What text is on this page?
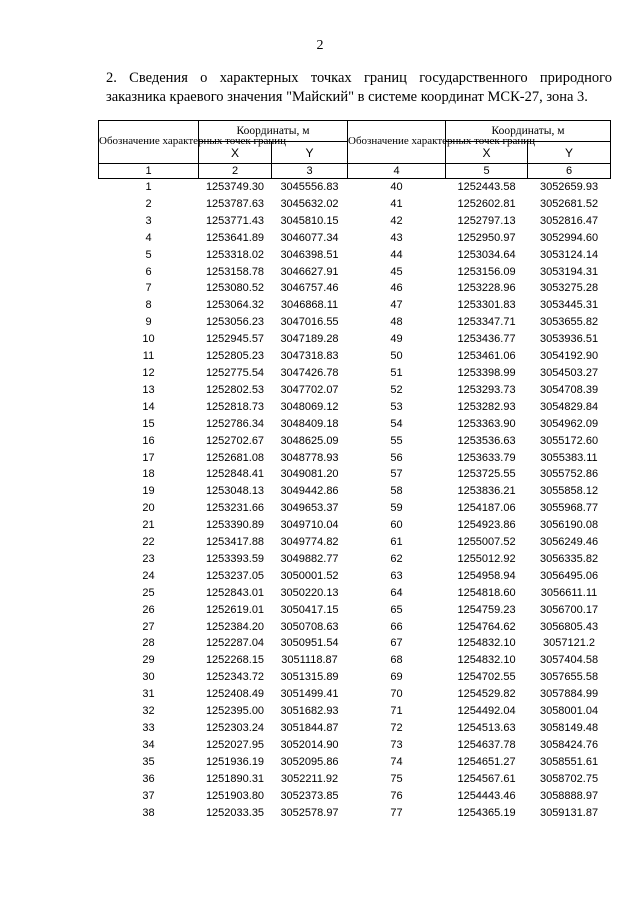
2
2. Сведения о характерных точках границ государственного природного заказника краевого значения "Майский" в системе координат МСК-27, зона 3.
Обозначение характерных точек границ	Координаты, м		Обозначение характерных точек границ	Координаты, м	
	X	Y		X	Y
1	2	3	4	5	6
1	1253749.30	3045556.83	40	1252443.58	3052659.93
2	1253787.63	3045632.02	41	1252602.81	3052681.52
3	1253771.43	3045810.15	42	1252797.13	3052816.47
4	1253641.89	3046077.34	43	1252950.97	3052994.60
5	1253318.02	3046398.51	44	1253034.64	3053124.14
6	1253158.78	3046627.91	45	1253156.09	3053194.31
7	1253080.52	3046757.46	46	1253228.96	3053275.28
8	1253064.32	3046868.11	47	1253301.83	3053445.31
9	1253056.23	3047016.55	48	1253347.71	3053655.82
10	1252945.57	3047189.28	49	1253436.77	3053936.51
11	1252805.23	3047318.83	50	1253461.06	3054192.90
12	1252775.54	3047426.78	51	1253398.99	3054503.27
13	1252802.53	3047702.07	52	1253293.73	3054708.39
14	1252818.73	3048069.12	53	1253282.93	3054829.84
15	1252786.34	3048409.18	54	1253363.90	3054962.09
16	1252702.67	3048625.09	55	1253536.63	3055172.60
17	1252681.08	3048778.93	56	1253633.79	3055383.11
18	1252848.41	3049081.20	57	1253725.55	3055752.86
19	1253048.13	3049442.86	58	1253836.21	3055858.12
20	1253231.66	3049653.37	59	1254187.06	3055968.77
21	1253390.89	3049710.04	60	1254923.86	3056190.08
22	1253417.88	3049774.82	61	1255007.52	3056249.46
23	1253393.59	3049882.77	62	1255012.92	3056335.82
24	1253237.05	3050001.52	63	1254958.94	3056495.06
25	1252843.01	3050220.13	64	1254818.60	3056611.11
26	1252619.01	3050417.15	65	1254759.23	3056700.17
27	1252384.20	3050708.63	66	1254764.62	3056805.43
28	1252287.04	3050951.54	67	1254832.10	3057121.2
29	1252268.15	3051118.87	68	1254832.10	3057404.58
30	1252343.72	3051315.89	69	1254702.55	3057655.58
31	1252408.49	3051499.41	70	1254529.82	3057884.99
32	1252395.00	3051682.93	71	1254492.04	3058001.04
33	1252303.24	3051844.87	72	1254513.63	3058149.48
34	1252027.95	3052014.90	73	1254637.78	3058424.76
35	1251936.19	3052095.86	74	1254651.27	3058551.61
36	1251890.31	3052211.92	75	1254567.61	3058702.75
37	1251903.80	3052373.85	76	1254443.46	3058888.97
38	1252033.35	3052578.97	77	1254365.19	3059131.87
